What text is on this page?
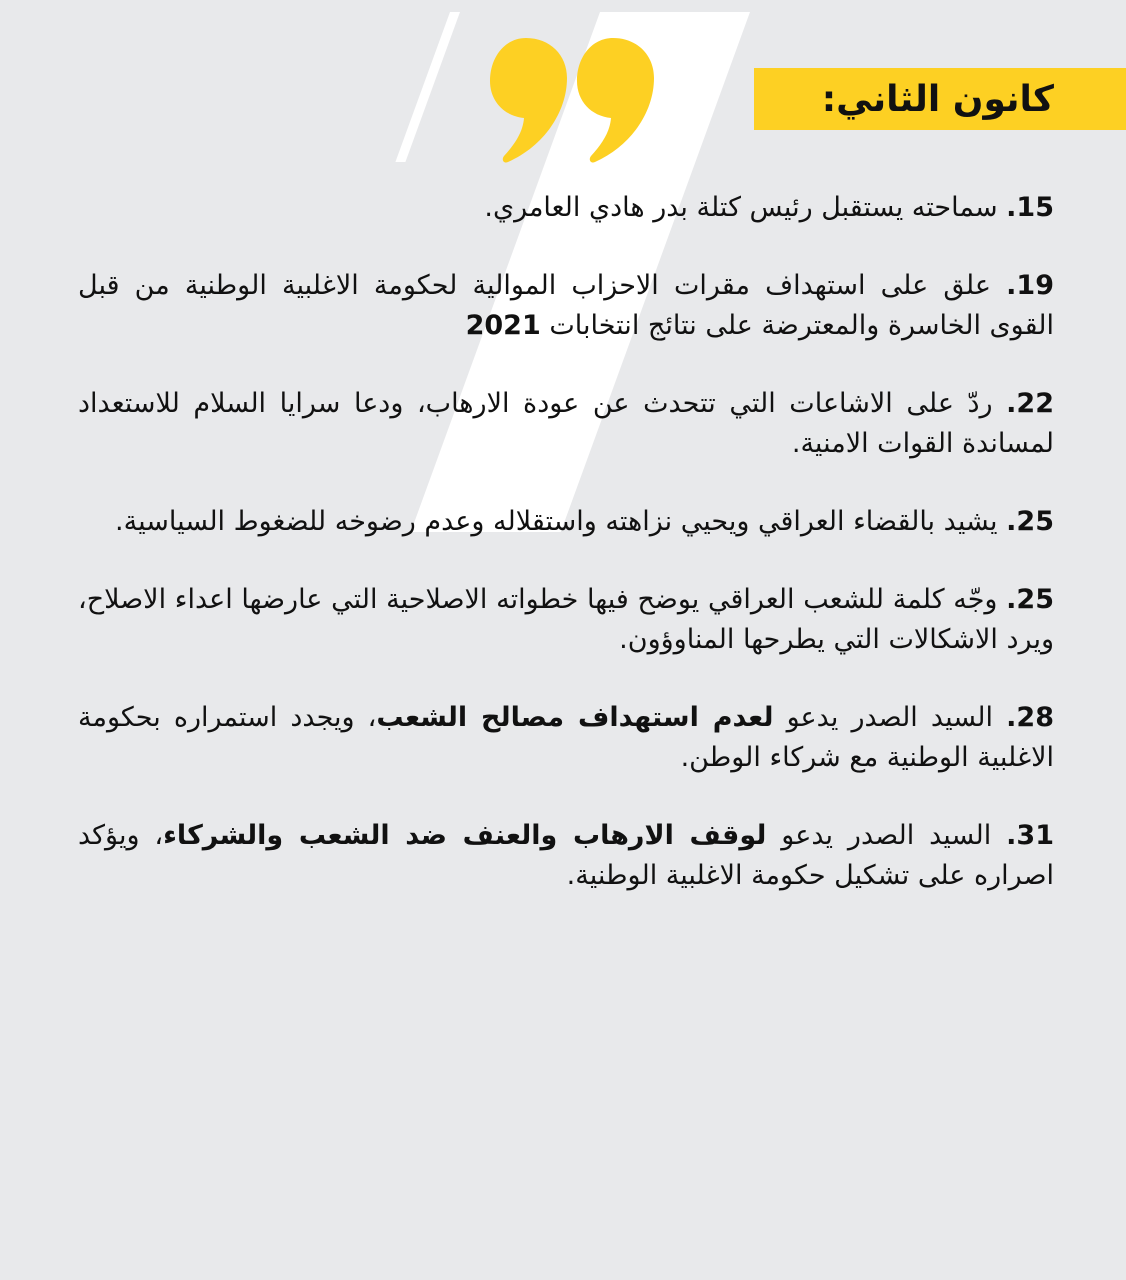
كانون الثاني:

15. سماحته يستقبل رئيس كتلة بدر هادي العامري.

19. علق على استهداف مقرات الاحزاب الموالية لحكومة الاغلبية الوطنية من قبل القوى الخاسرة والمعترضة على نتائج انتخابات 2021

22. ردّ على الاشاعات التي تتحدث عن عودة الارهاب، ودعا سرايا السلام للاستعداد لمساندة القوات الامنية.

25. يشيد بالقضاء العراقي ويحيي نزاهته واستقلاله وعدم رضوخه للضغوط السياسية.

25. وجّه كلمة للشعب العراقي يوضح فيها خطواته الاصلاحية التي عارضها اعداء الاصلاح، ويرد الاشكالات التي يطرحها المناوؤون.

28. السيد الصدر يدعو لعدم استهداف مصالح الشعب، ويجدد استمراره بحكومة الاغلبية الوطنية مع شركاء الوطن.

31. السيد الصدر يدعو لوقف الارهاب والعنف ضد الشعب والشركاء، ويؤكد اصراره على تشكيل حكومة الاغلبية الوطنية.
